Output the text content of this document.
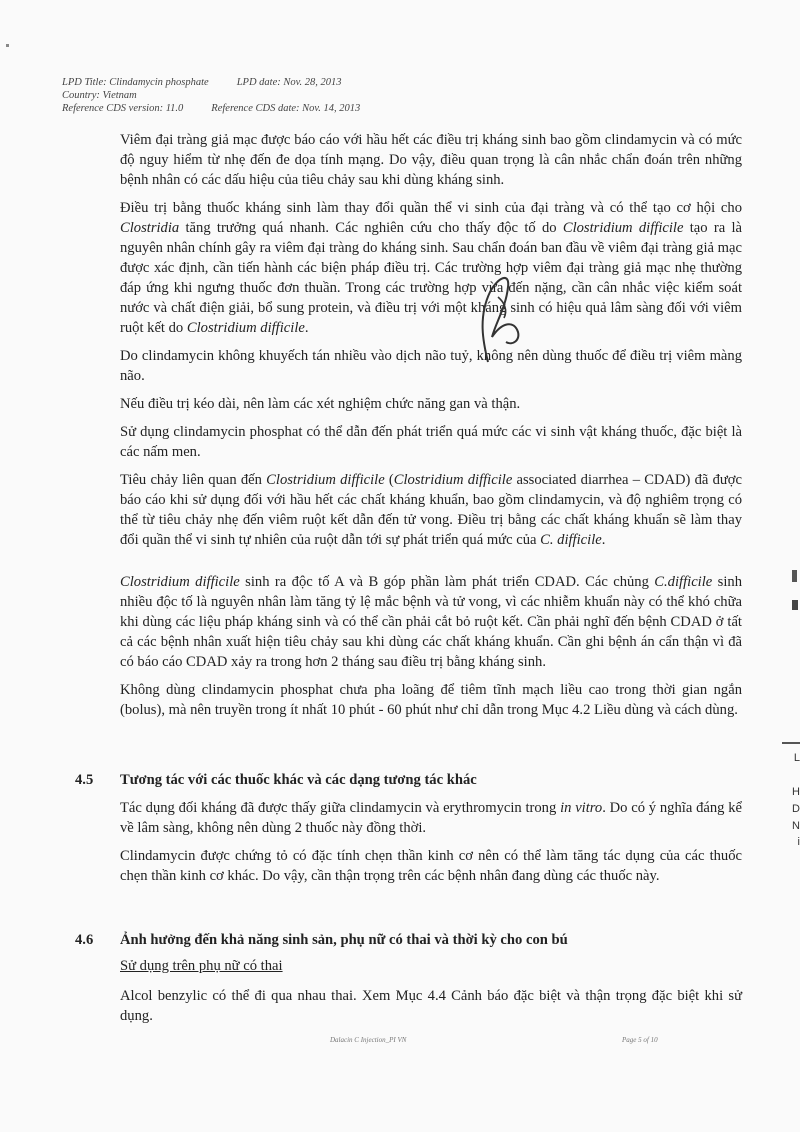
LPD Title: Clindamycin phosphate	LPD date: Nov. 28, 2013
Country: Vietnam
Reference CDS version: 11.0	Reference CDS date: Nov. 14, 2013

Viêm đại tràng giả mạc được báo cáo với hầu hết các điều trị kháng sinh bao gồm clindamycin và có mức độ nguy hiểm từ nhẹ đến đe dọa tính mạng. Do vậy, điều quan trọng là cân nhắc chẩn đoán trên những bệnh nhân có các dấu hiệu của tiêu chảy sau khi dùng kháng sinh.

Điều trị bằng thuốc kháng sinh làm thay đổi quần thể vi sinh của đại tràng và có thể tạo cơ hội cho Clostridia tăng trưởng quá nhanh. Các nghiên cứu cho thấy độc tố do Clostridium difficile tạo ra là nguyên nhân chính gây ra viêm đại tràng do kháng sinh. Sau chẩn đoán ban đầu về viêm đại tràng giả mạc được xác định, cần tiến hành các biện pháp điều trị. Các trường hợp viêm đại tràng giả mạc nhẹ thường đáp ứng khi ngưng thuốc đơn thuần. Trong các trường hợp vừa đến nặng, cần cân nhắc việc kiểm soát nước và chất điện giải, bổ sung protein, và điều trị với một kháng sinh có hiệu quả lâm sàng đối với viêm ruột kết do Clostridium difficile.

Do clindamycin không khuyếch tán nhiều vào dịch não tuỷ, không nên dùng thuốc để điều trị viêm màng não.

Nếu điều trị kéo dài, nên làm các xét nghiệm chức năng gan và thận.

Sử dụng clindamycin phosphat có thể dẫn đến phát triển quá mức các vi sinh vật kháng thuốc, đặc biệt là các nấm men.

Tiêu chảy liên quan đến Clostridium difficile (Clostridium difficile associated diarrhea – CDAD) đã được báo cáo khi sử dụng đối với hầu hết các chất kháng khuẩn, bao gồm clindamycin, và độ nghiêm trọng có thể từ tiêu chảy nhẹ đến viêm ruột kết dẫn đến tử vong. Điều trị bằng các chất kháng khuẩn sẽ làm thay đổi quần thể vi sinh tự nhiên của ruột dẫn tới sự phát triển quá mức của C. difficile.

Clostridium difficile sinh ra độc tố A và B góp phần làm phát triển CDAD. Các chủng C.difficile sinh nhiều độc tố là nguyên nhân làm tăng tỷ lệ mắc bệnh và tử vong, vì các nhiễm khuẩn này có thể khó chữa khi dùng các liệu pháp kháng sinh và có thể cần phải cắt bỏ ruột kết. Cần phải nghĩ đến bệnh CDAD ở tất cả các bệnh nhân xuất hiện tiêu chảy sau khi dùng các chất kháng khuẩn. Cần ghi bệnh án cẩn thận vì đã có báo cáo CDAD xảy ra trong hơn 2 tháng sau điều trị bằng kháng sinh.

Không dùng clindamycin phosphat chưa pha loãng để tiêm tĩnh mạch liều cao trong thời gian ngắn (bolus), mà nên truyền trong ít nhất 10 phút - 60 phút như chỉ dẫn trong Mục 4.2 Liều dùng và cách dùng.

4.5 Tương tác với các thuốc khác và các dạng tương tác khác

Tác dụng đối kháng đã được thấy giữa clindamycin và erythromycin trong in vitro. Do có ý nghĩa đáng kể về lâm sàng, không nên dùng 2 thuốc này đồng thời.

Clindamycin được chứng tỏ có đặc tính chẹn thần kinh cơ nên có thể làm tăng tác dụng của các thuốc chẹn thần kinh cơ khác. Do vậy, cần thận trọng trên các bệnh nhân đang dùng các thuốc này.

4.6 Ảnh hưởng đến khả năng sinh sản, phụ nữ có thai và thời kỳ cho con bú

Sử dụng trên phụ nữ có thai

Alcol benzylic có thể đi qua nhau thai. Xem Mục 4.4 Cảnh báo đặc biệt và thận trọng đặc biệt khi sử dụng.

Dalacin C Injection_PI VN	Page 5 of 10
L
H
D
N
i
